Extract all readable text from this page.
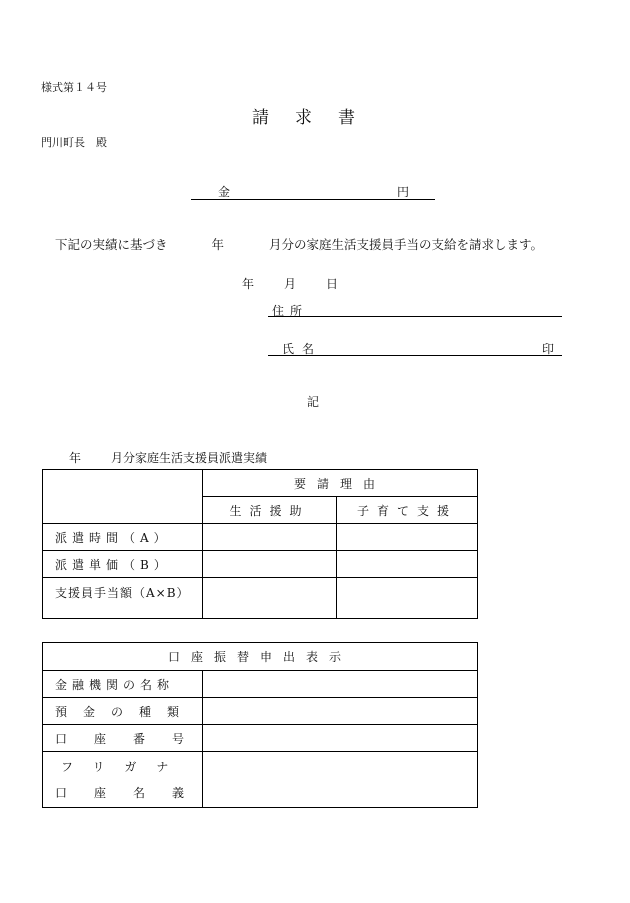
様式第１４号
請求書
門川町長　殿
金	円
下記の実績に基づき	年	月分の家庭生活支援員手当の支給を請求します。
年	月	日
住所
氏名	印
記
年 月分家庭生活支援員派遣実績
	要請理由	
	生活援助	子育て支援
派遣時間（A）		
派遣単価（B）		
支援員手当額（A×B）		
口座振替申出表示	
金融機関の名称	
預金の種類	
口座番号	

フリガナ
口座名義	
